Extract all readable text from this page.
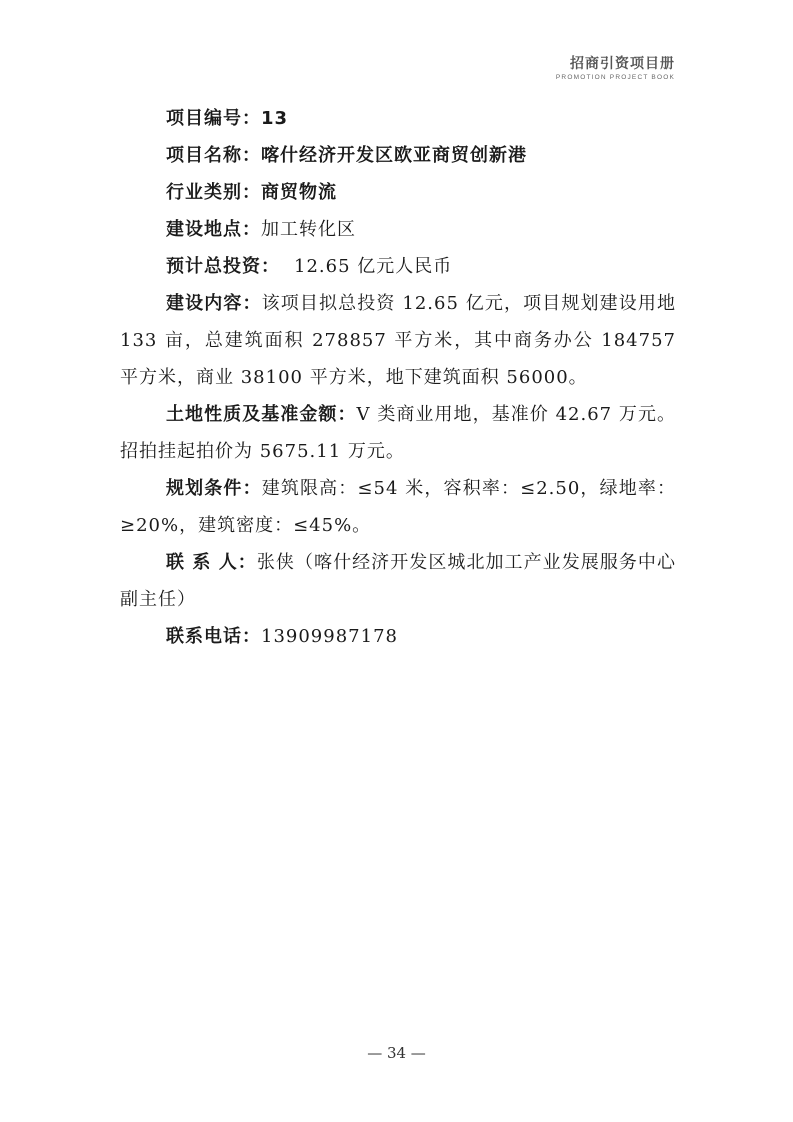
招商引资项目册
PROMOTION PROJECT BOOK

项目编号：13

项目名称：喀什经济开发区欧亚商贸创新港

行业类别：商贸物流

建设地点：加工转化区

预计总投资： 12.65 亿元人民币

建设内容：该项目拟总投资 12.65 亿元，项目规划建设用地 133 亩，总建筑面积 278857 平方米，其中商务办公 184757 平方米，商业 38100 平方米，地下建筑面积 56000。

土地性质及基准金额：V 类商业用地，基准价 42.67 万元。招拍挂起拍价为 5675.11 万元。

规划条件：建筑限高：≤54 米，容积率：≤2.50，绿地率：≥20%，建筑密度：≤45%。

联 系 人：张侠（喀什经济开发区城北加工产业发展服务中心副主任）

联系电话：13909987178

— 34 —
